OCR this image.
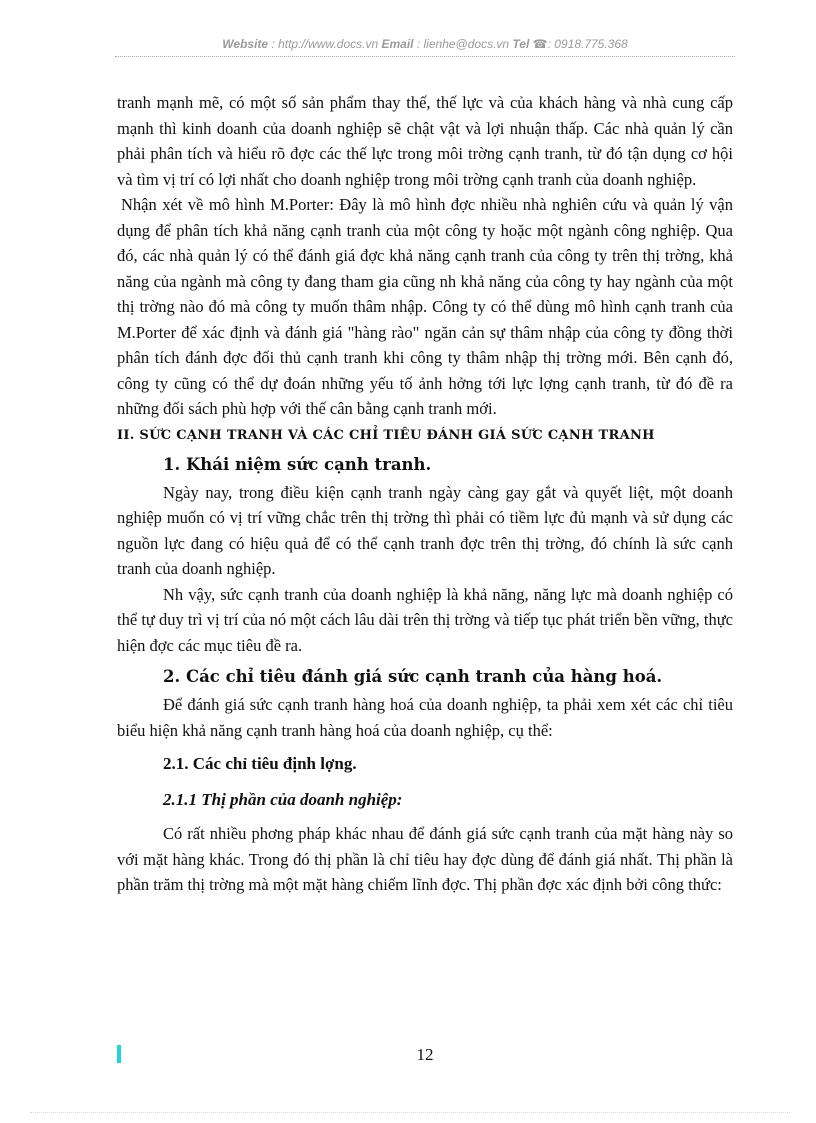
Website : http://www.docs.vn Email : lienhe@docs.vn Tel ☎: 0918.775.368

tranh mạnh mẽ, có một số sản phẩm thay thế, thế lực và của khách hàng và nhà cung cấp mạnh thì kinh doanh của doanh nghiệp sẽ chật vật và lợi nhuận thấp. Các nhà quản lý cần phải phân tích và hiểu rõ đợc các thế lực trong môi trờng cạnh tranh, từ đó tận dụng cơ hội và tìm vị trí có lợi nhất cho doanh nghiệp trong môi trờng cạnh tranh của doanh nghiệp.

Nhận xét về mô hình M.Porter: Đây là mô hình đợc nhiều nhà nghiên cứu và quản lý vận dụng để phân tích khả năng cạnh tranh của một công ty hoặc một ngành công nghiệp. Qua đó, các nhà quản lý có thể đánh giá đợc khả năng cạnh tranh của công ty trên thị trờng, khả năng của ngành mà công ty đang tham gia cũng nh khả năng của công ty hay ngành của một thị trờng nào đó mà công ty muốn thâm nhập. Công ty có thể dùng mô hình cạnh tranh của M.Porter để xác định và đánh giá "hàng rào" ngăn cản sự thâm nhập của công ty đồng thời phân tích đánh đợc đối thủ cạnh tranh khi công ty thâm nhập thị trờng mới. Bên cạnh đó, công ty cũng có thể dự đoán những yếu tố ảnh hởng tới lực lợng cạnh tranh, từ đó đề ra những đối sách phù hợp với thế cân bằng cạnh tranh mới.

II. SỨC CẠNH TRANH VÀ CÁC CHỈ TIÊU ĐÁNH GIÁ SỨC CẠNH TRANH
1. Khái niệm sức cạnh tranh.

Ngày nay, trong điều kiện cạnh tranh ngày càng gay gắt và quyết liệt, một doanh nghiệp muốn có vị trí vững chắc trên thị trờng thì phải có tiềm lực đủ mạnh và sử dụng các nguồn lực đang có hiệu quả để có thể cạnh tranh đợc trên thị trờng, đó chính là sức cạnh tranh của doanh nghiệp.

Nh vậy, sức cạnh tranh của doanh nghiệp là khả năng, năng lực mà doanh nghiệp có thể tự duy trì vị trí của nó một cách lâu dài trên thị trờng và tiếp tục phát triển bền vững, thực hiện đợc các mục tiêu đề ra.

2. Các chỉ tiêu đánh giá sức cạnh tranh của hàng hoá.

Để đánh giá sức cạnh tranh hàng hoá của doanh nghiệp, ta phải xem xét các chỉ tiêu biểu hiện khả năng cạnh tranh hàng hoá của doanh nghiệp, cụ thể:

2.1. Các chỉ tiêu định lợng.
2.1.1 Thị phần của doanh nghiệp:

Có rất nhiều phơng pháp khác nhau để đánh giá sức cạnh tranh của mặt hàng này so với mặt hàng khác. Trong đó thị phần là chỉ tiêu hay đợc dùng để đánh giá nhất. Thị phần là phần trăm thị trờng mà một mặt hàng chiếm lĩnh đợc. Thị phần đợc xác định bởi công thức:

12
